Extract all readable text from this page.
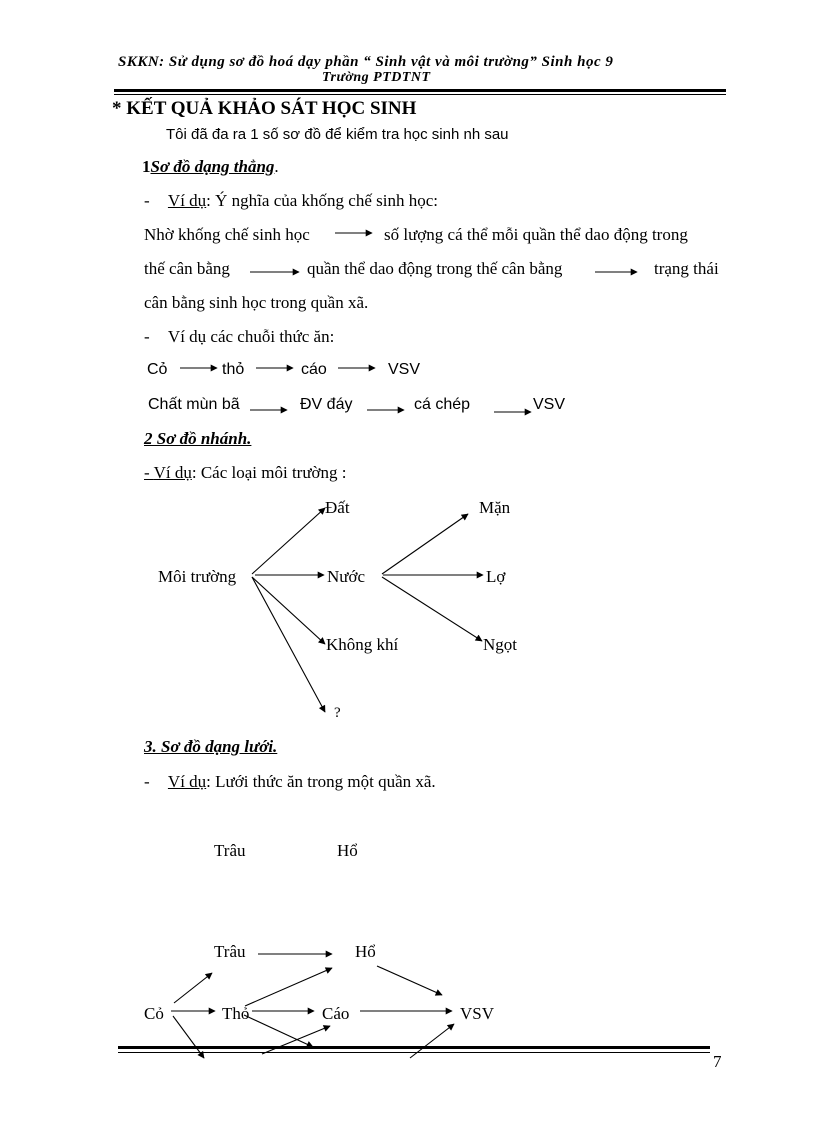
SKKN: Sử dụng sơ đồ hoá dạy phần “ Sinh vật và môi trường” Sinh học 9
Trường PTDTNT
* KẾT QUẢ KHẢO SÁT HỌC SINH
Tôi đã đa ra 1 số sơ đồ để kiểm tra học sinh nh sau
1Sơ đồ dạng thẳng.
- Ví dụ: Ý nghĩa của khống chế sinh học:
Nhờ khống chế sinh học	số lượng cá thể mỗi quần thể dao động trong
thế cân bằng	quần thể dao động trong thế cân bằng	trạng thái
cân bằng sinh học trong quần xã.
- Ví dụ các chuỗi thức ăn:
Cỏ	thỏ	cáo	VSV
Chất mùn bã	ĐV đáy	cá chép	VSV
2 Sơ đồ nhánh.
- Ví dụ: Các loại môi trường :
Môi trường
Đất
Nước
Không khí
?
Mặn
Lợ
Ngọt
3. Sơ đồ dạng lưới.
- Ví dụ: Lưới thức ăn trong một quần xã.
Trâu	Hổ
Trâu	Hổ
Cỏ	Thỏ	Cáo	VSV
7
